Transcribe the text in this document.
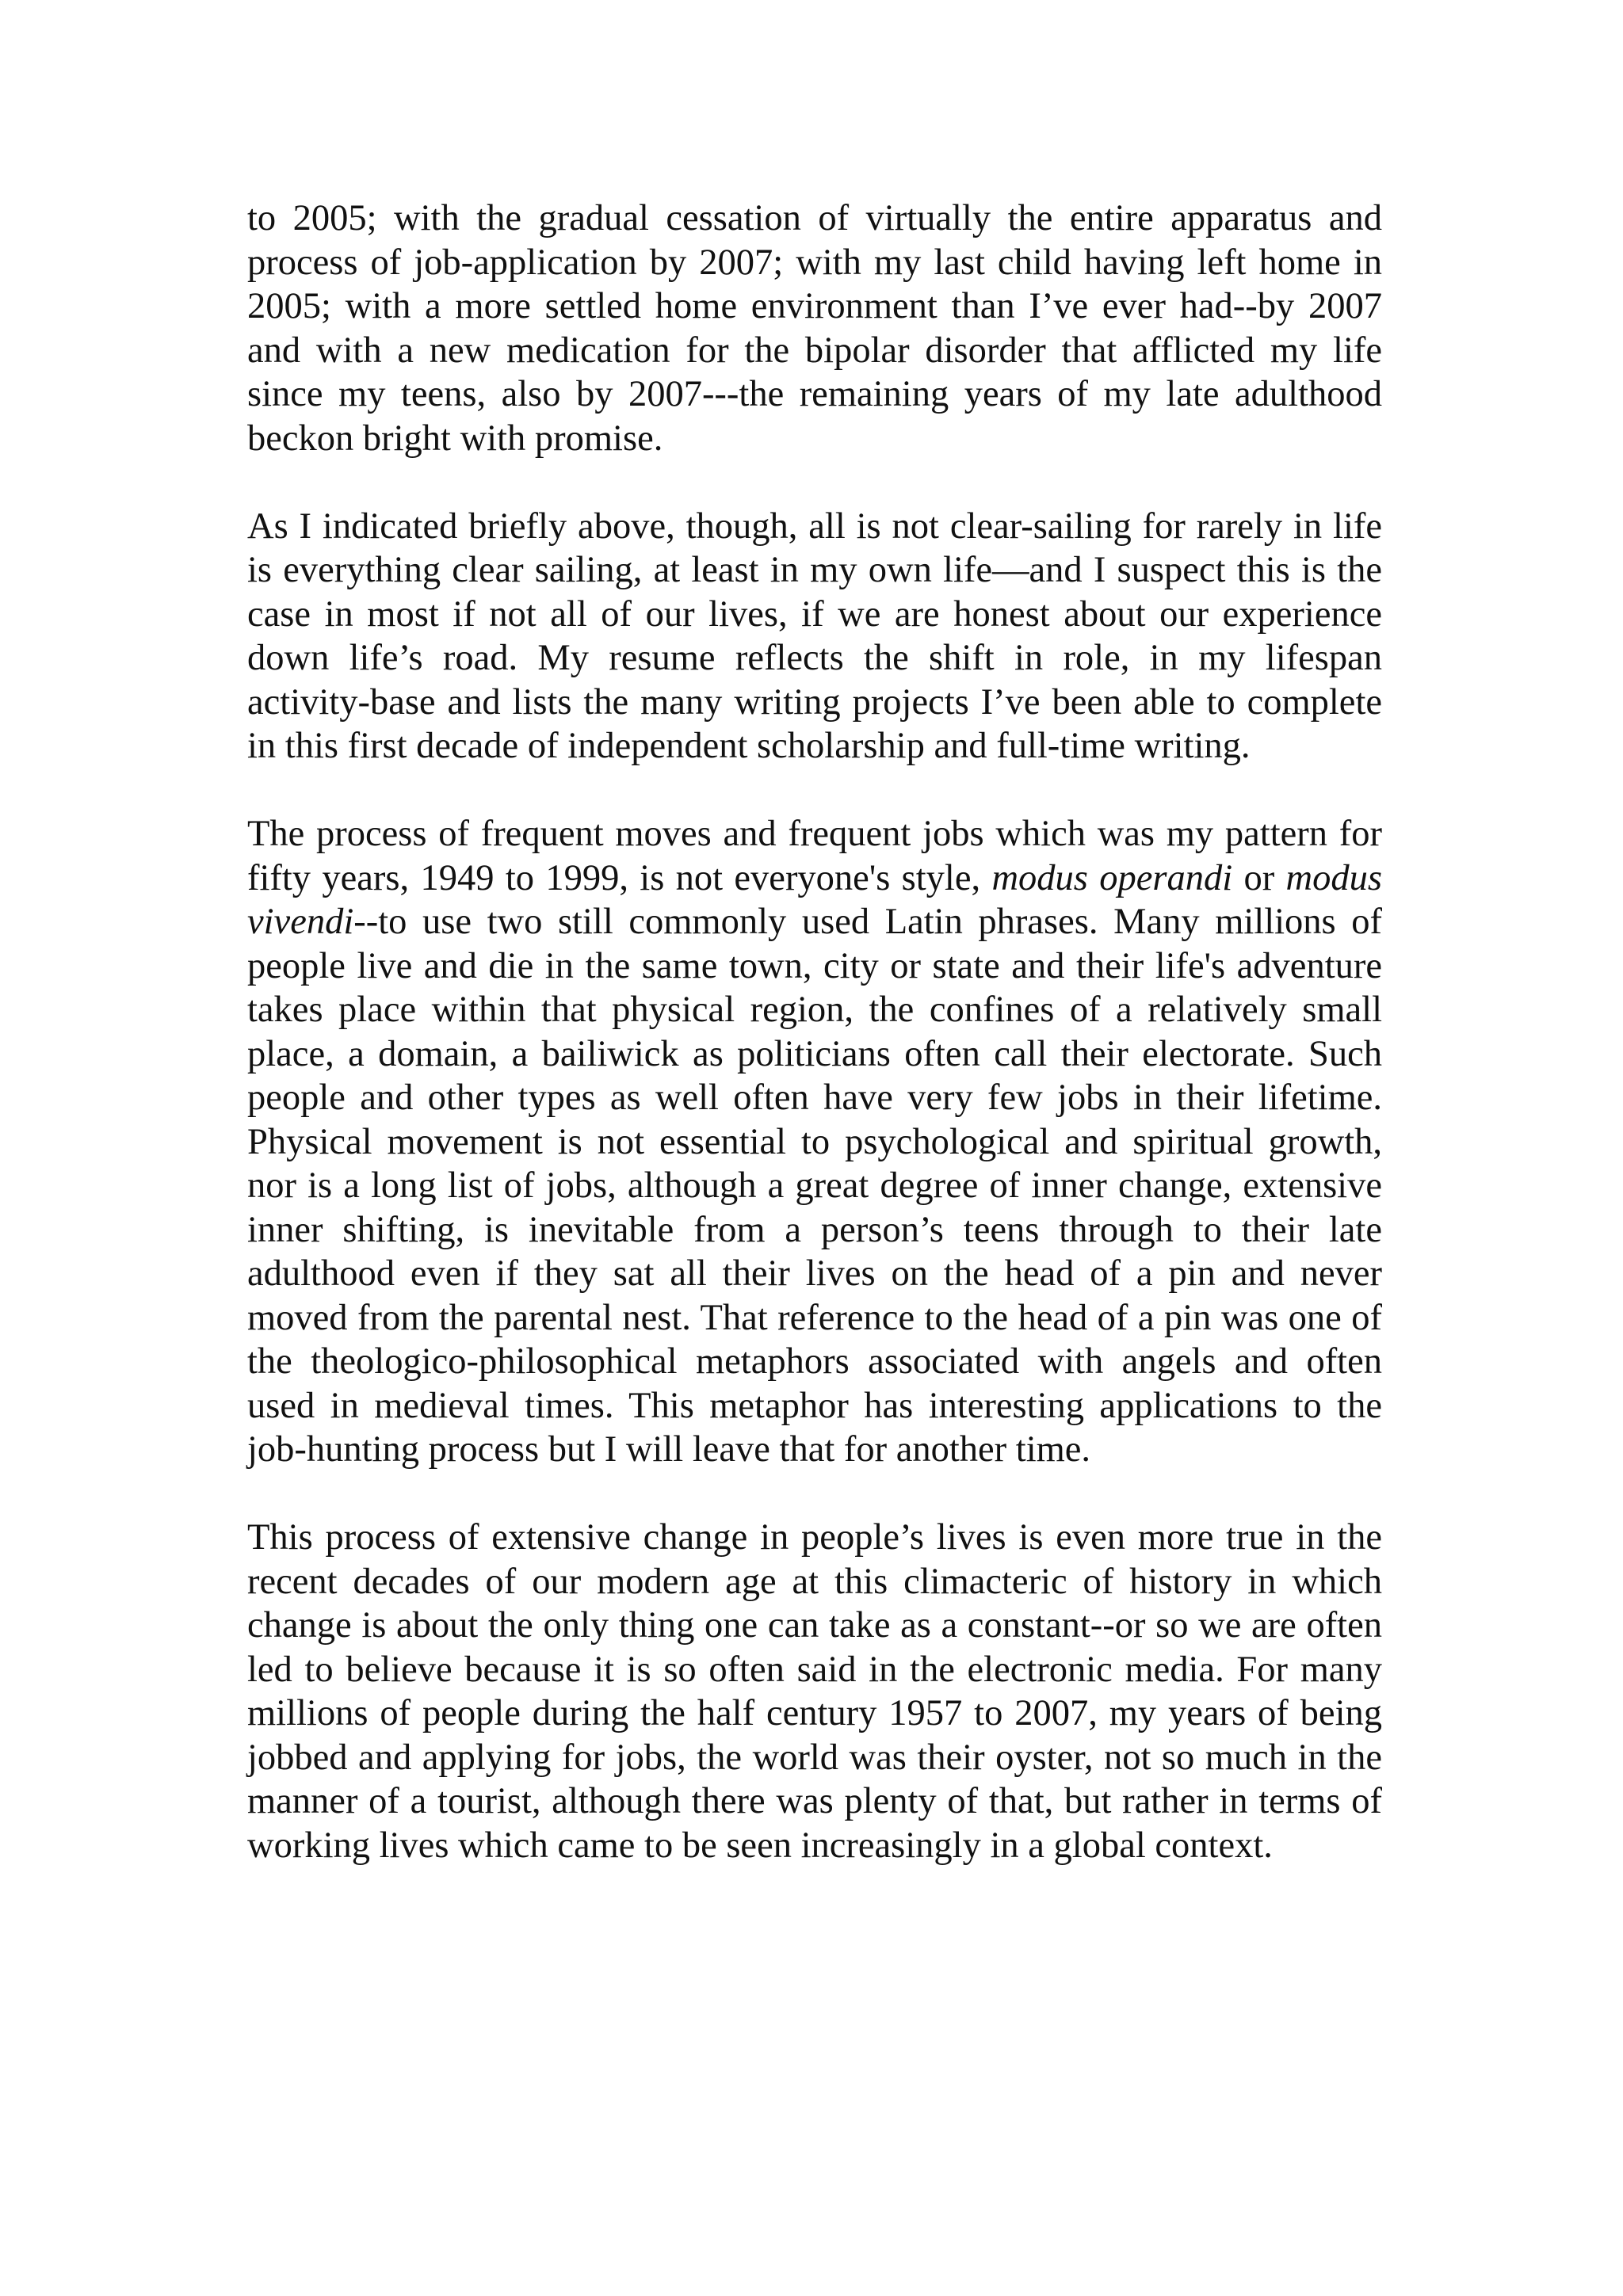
to 2005; with the gradual cessation of virtually the entire apparatus and process of job-application by 2007; with my last child having left home in 2005; with a more settled home environment than I’ve ever had--by 2007 and with a new medication for the bipolar disorder that afflicted my life since my teens, also by 2007---the remaining years of my late adulthood beckon bright with promise.

As I indicated briefly above, though, all is not clear-sailing for rarely in life is everything clear sailing, at least in my own life—and I suspect this is the case in most if not all of our lives, if we are honest about our experience down life’s road. My resume reflects the shift in role, in my lifespan activity-base and lists the many writing projects I’ve been able to complete in this first decade of independent scholarship and full-time writing.

The process of frequent moves and frequent jobs which was my pattern for fifty years, 1949 to 1999, is not everyone's style, modus operandi or modus vivendi--to use two still commonly used Latin phrases. Many millions of people live and die in the same town, city or state and their life's adventure takes place within that physical region, the confines of a relatively small place, a domain, a bailiwick as politicians often call their electorate. Such people and other types as well often have very few jobs in their lifetime. Physical movement is not essential to psychological and spiritual growth, nor is a long list of jobs, although a great degree of inner change, extensive inner shifting, is inevitable from a person’s teens through to their late adulthood even if they sat all their lives on the head of a pin and never moved from the parental nest. That reference to the head of a pin was one of the theologico-philosophical metaphors associated with angels and often used in medieval times. This metaphor has interesting applications to the job-hunting process but I will leave that for another time.

This process of extensive change in people’s lives is even more true in the recent decades of our modern age at this climacteric of history in which change is about the only thing one can take as a constant--or so we are often led to believe because it is so often said in the electronic media. For many millions of people during the half century 1957 to 2007, my years of being jobbed and applying for jobs, the world was their oyster, not so much in the manner of a tourist, although there was plenty of that, but rather in terms of working lives which came to be seen increasingly in a global context.
